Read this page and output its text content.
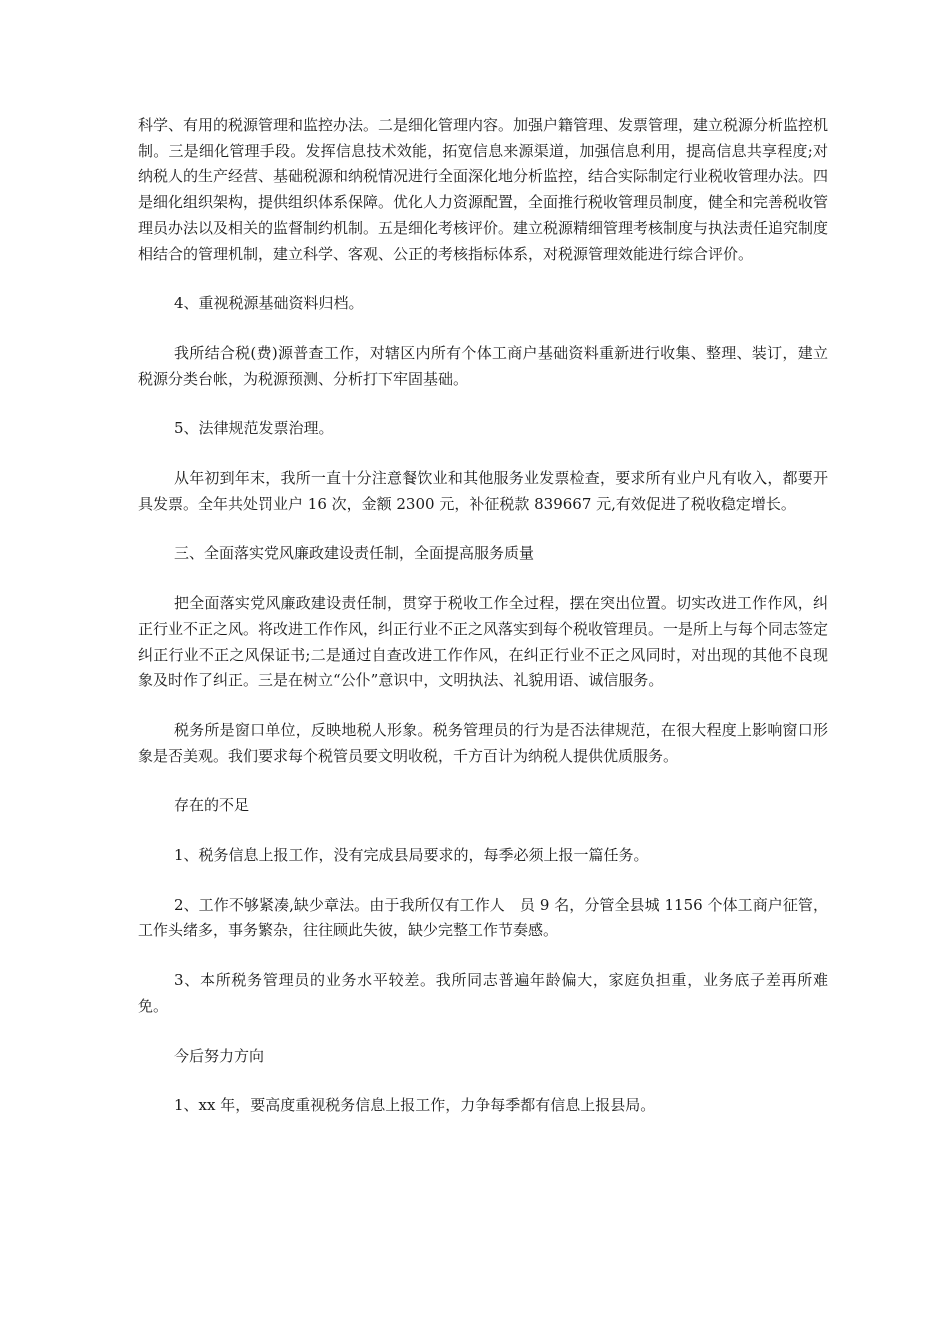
科学、有用的税源管理和监控办法。二是细化管理内容。加强户籍管理、发票管理，建立税源分析监控机制。三是细化管理手段。发挥信息技术效能，拓宽信息来源渠道，加强信息利用，提高信息共享程度;对纳税人的生产经营、基础税源和纳税情况进行全面深化地分析监控，结合实际制定行业税收管理办法。四是细化组织架构，提供组织体系保障。优化人力资源配置，全面推行税收管理员制度，健全和完善税收管理员办法以及相关的监督制约机制。五是细化考核评价。建立税源精细管理考核制度与执法责任追究制度相结合的管理机制，建立科学、客观、公正的考核指标体系，对税源管理效能进行综合评价。

4、重视税源基础资料归档。

我所结合税(费)源普查工作，对辖区内所有个体工商户基础资料重新进行收集、整理、装订，建立税源分类台帐，为税源预测、分析打下牢固基础。

5、法律规范发票治理。

从年初到年末，我所一直十分注意餐饮业和其他服务业发票检查，要求所有业户凡有收入，都要开具发票。全年共处罚业户 16 次，金额 2300 元，补征税款 839667 元,有效促进了税收稳定增长。

三、全面落实党风廉政建设责任制，全面提高服务质量

把全面落实党风廉政建设责任制，贯穿于税收工作全过程，摆在突出位置。切实改进工作作风，纠正行业不正之风。将改进工作作风，纠正行业不正之风落实到每个税收管理员。一是所上与每个同志签定纠正行业不正之风保证书;二是通过自查改进工作作风，在纠正行业不正之风同时，对出现的其他不良现象及时作了纠正。三是在树立“公仆”意识中，文明执法、礼貌用语、诚信服务。

税务所是窗口单位，反映地税人形象。税务管理员的行为是否法律规范，在很大程度上影响窗口形象是否美观。我们要求每个税管员要文明收税，千方百计为纳税人提供优质服务。

存在的不足

1、税务信息上报工作，没有完成县局要求的，每季必须上报一篇任务。

2、工作不够紧凑,缺少章法。由于我所仅有工作人　员 9 名，分管全县城 1156 个体工商户征管，工作头绪多，事务繁杂，往往顾此失彼，缺少完整工作节奏感。

3、本所税务管理员的业务水平较差。我所同志普遍年龄偏大，家庭负担重，业务底子差再所难免。

今后努力方向

1、xx 年，要高度重视税务信息上报工作，力争每季都有信息上报县局。
